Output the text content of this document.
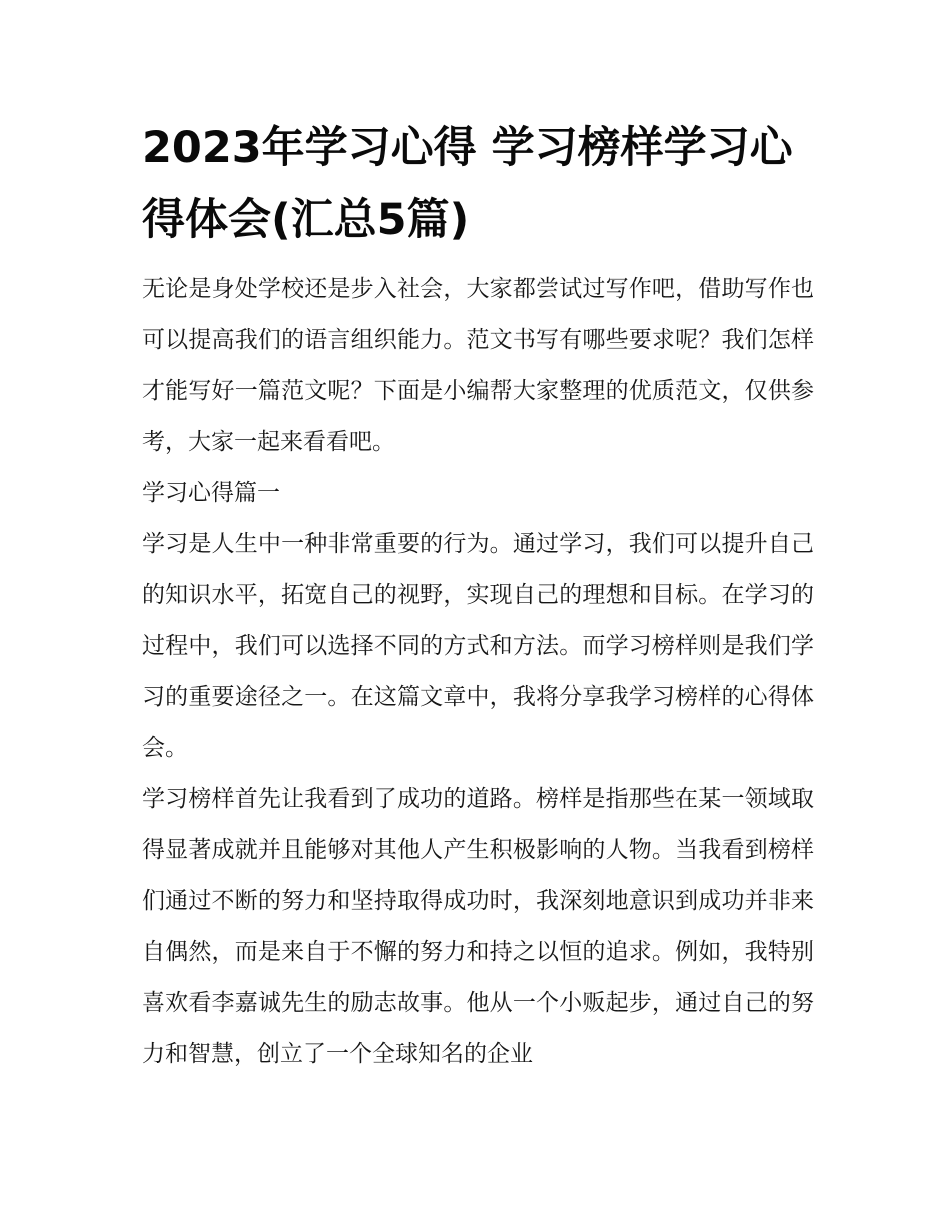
2023年学习心得 学习榜样学习心得体会(汇总5篇)

无论是身处学校还是步入社会，大家都尝试过写作吧，借助写作也可以提高我们的语言组织能力。范文书写有哪些要求呢？我们怎样才能写好一篇范文呢？下面是小编帮大家整理的优质范文，仅供参考，大家一起来看看吧。

学习心得篇一

学习是人生中一种非常重要的行为。通过学习，我们可以提升自己的知识水平，拓宽自己的视野，实现自己的理想和目标。在学习的过程中，我们可以选择不同的方式和方法。而学习榜样则是我们学习的重要途径之一。在这篇文章中，我将分享我学习榜样的心得体会。

学习榜样首先让我看到了成功的道路。榜样是指那些在某一领域取得显著成就并且能够对其他人产生积极影响的人物。当我看到榜样们通过不断的努力和坚持取得成功时，我深刻地意识到成功并非来自偶然，而是来自于不懈的努力和持之以恒的追求。例如，我特别喜欢看李嘉诚先生的励志故事。他从一个小贩起步，通过自己的努力和智慧，创立了一个全球知名的企业
